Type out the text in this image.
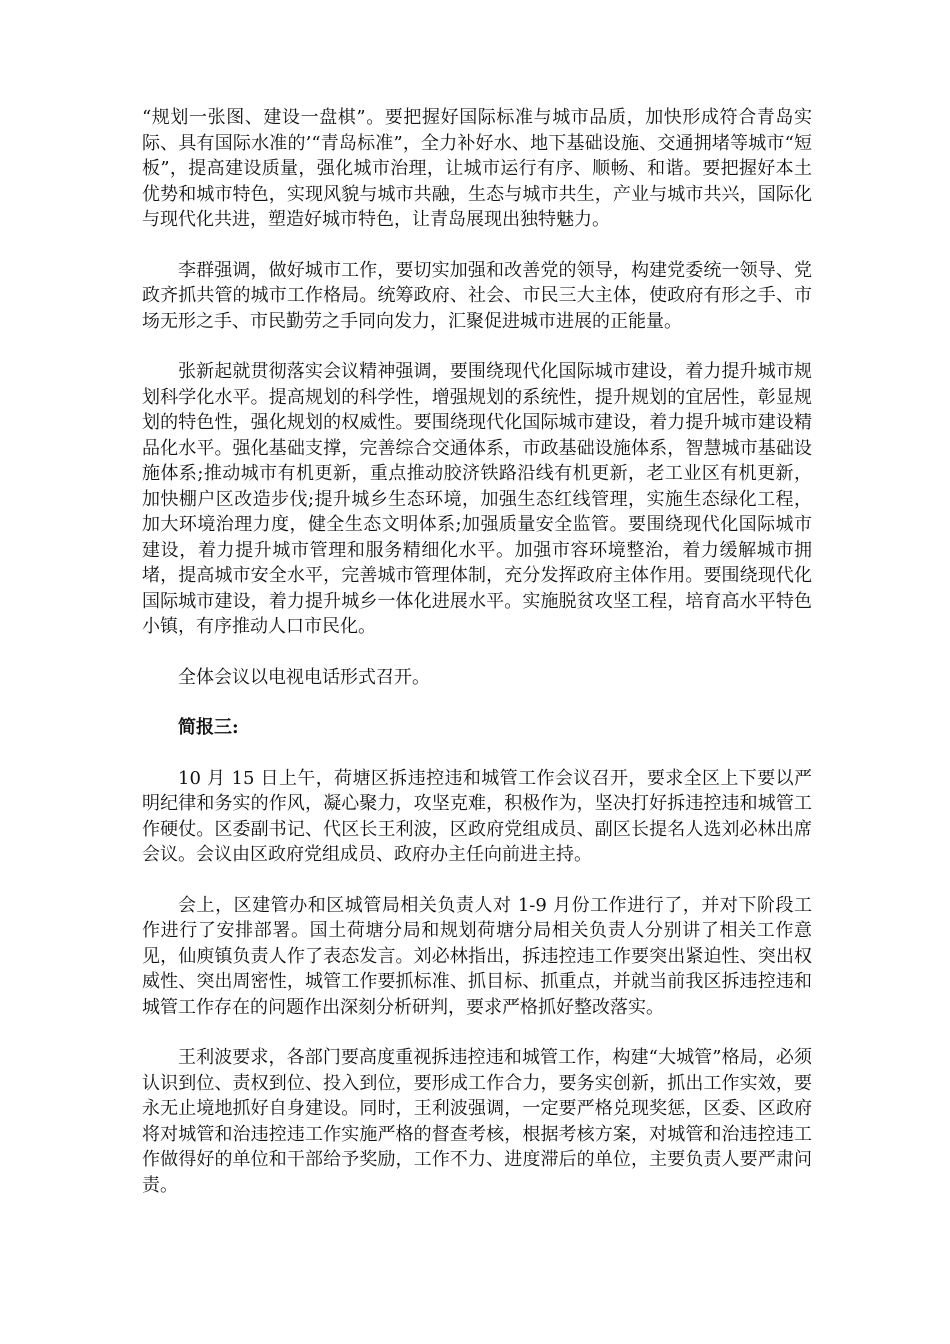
“规划一张图、建设一盘棋”。要把握好国际标准与城市品质，加快形成符合青岛实际、具有国际水准的’“青岛标准”，全力补好水、地下基础设施、交通拥堵等城市“短板”，提高建设质量，强化城市治理，让城市运行有序、顺畅、和谐。要把握好本土优势和城市特色，实现风貌与城市共融，生态与城市共生，产业与城市共兴，国际化与现代化共进，塑造好城市特色，让青岛展现出独特魅力。

李群强调，做好城市工作，要切实加强和改善党的领导，构建党委统一领导、党政齐抓共管的城市工作格局。统筹政府、社会、市民三大主体，使政府有形之手、市场无形之手、市民勤劳之手同向发力，汇聚促进城市进展的正能量。

张新起就贯彻落实会议精神强调，要围绕现代化国际城市建设，着力提升城市规划科学化水平。提高规划的科学性，增强规划的系统性，提升规划的宜居性，彰显规划的特色性，强化规划的权威性。要围绕现代化国际城市建设，着力提升城市建设精品化水平。强化基础支撑，完善综合交通体系，市政基础设施体系，智慧城市基础设施体系;推动城市有机更新，重点推动胶济铁路沿线有机更新，老工业区有机更新，加快棚户区改造步伐;提升城乡生态环境，加强生态红线管理，实施生态绿化工程，加大环境治理力度，健全生态文明体系;加强质量安全监管。要围绕现代化国际城市建设，着力提升城市管理和服务精细化水平。加强市容环境整治，着力缓解城市拥堵，提高城市安全水平，完善城市管理体制，充分发挥政府主体作用。要围绕现代化国际城市建设，着力提升城乡一体化进展水平。实施脱贫攻坚工程，培育高水平特色小镇，有序推动人口市民化。

全体会议以电视电话形式召开。

简报三:

10 月 15 日上午，荷塘区拆违控违和城管工作会议召开，要求全区上下要以严明纪律和务实的作风，凝心聚力，攻坚克难，积极作为，坚决打好拆违控违和城管工作硬仗。区委副书记、代区长王利波，区政府党组成员、副区长提名人选刘必林出席会议。会议由区政府党组成员、政府办主任向前进主持。

会上，区建管办和区城管局相关负责人对 1-9 月份工作进行了，并对下阶段工作进行了安排部署。国土荷塘分局和规划荷塘分局相关负责人分别讲了相关工作意见，仙庾镇负责人作了表态发言。刘必林指出，拆违控违工作要突出紧迫性、突出权威性、突出周密性，城管工作要抓标准、抓目标、抓重点，并就当前我区拆违控违和城管工作存在的问题作出深刻分析研判，要求严格抓好整改落实。

王利波要求，各部门要高度重视拆违控违和城管工作，构建“大城管”格局，必须认识到位、责权到位、投入到位，要形成工作合力，要务实创新，抓出工作实效，要永无止境地抓好自身建设。同时，王利波强调，一定要严格兑现奖惩，区委、区政府将对城管和治违控违工作实施严格的督查考核，根据考核方案，对城管和治违控违工作做得好的单位和干部给予奖励，工作不力、进度滞后的单位，主要负责人要严肃问责。
